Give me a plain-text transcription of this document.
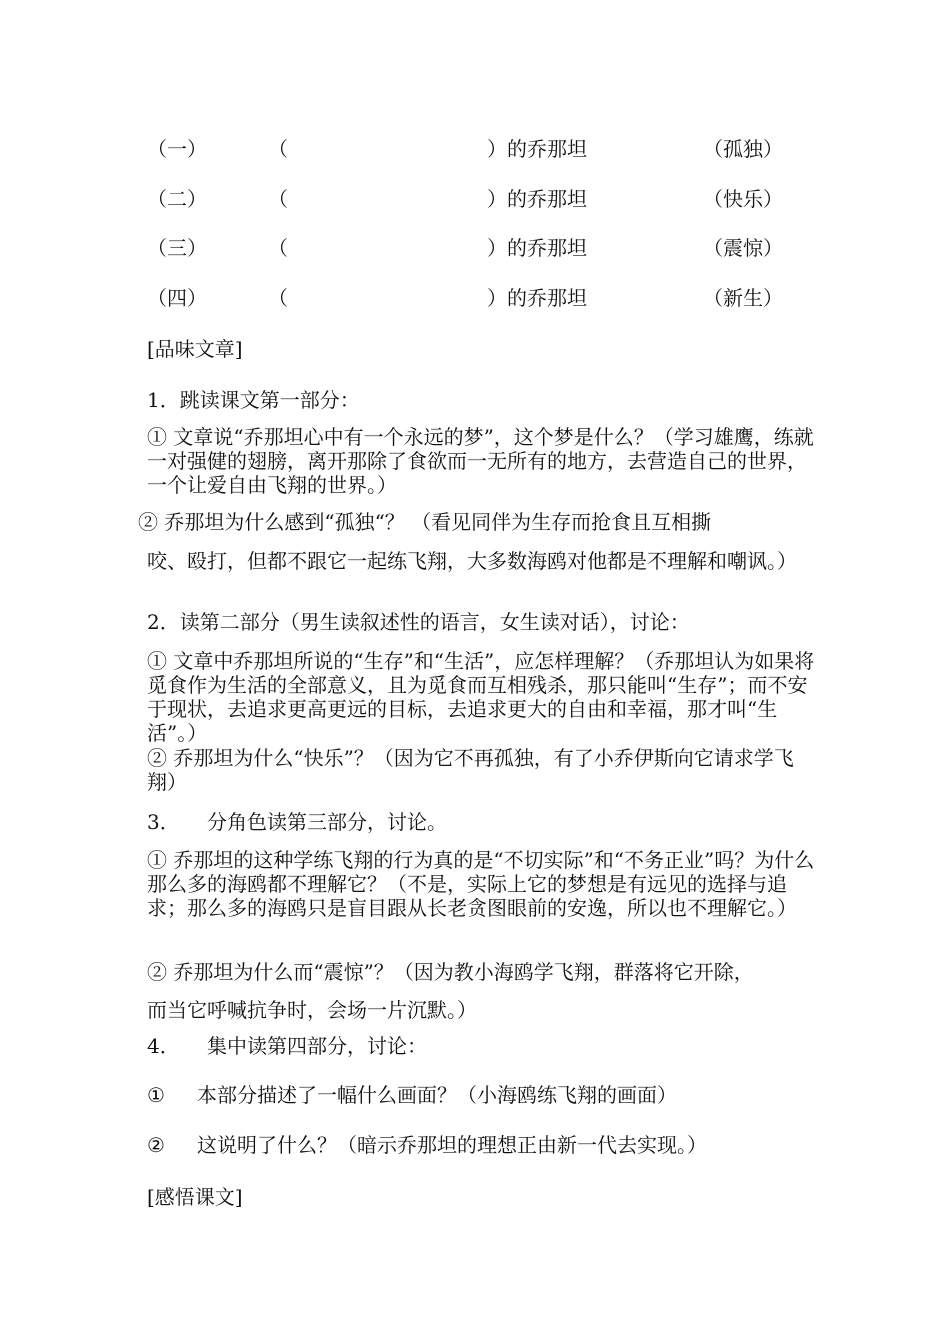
（一）	（	）的乔那坦	（孤独）
（二）	（	）的乔那坦	（快乐）
（三）	（	）的乔那坦	（震惊）
（四）	（	）的乔那坦	（新生）
[品味文章]
1．跳读课文第一部分：
① 文章说“乔那坦心中有一个永远的梦”，这个梦是什么？（学习雄鹰，练就一对强健的翅膀，离开那除了食欲而一无所有的地方，去营造自己的世界，一个让爱自由飞翔的世界。）
② 乔那坦为什么感到“孤独“？ （看见同伴为生存而抢食且互相撕
咬、殴打，但都不跟它一起练飞翔，大多数海鸥对他都是不理解和嘲讽。）
2．读第二部分（男生读叙述性的语言，女生读对话），讨论：
① 文章中乔那坦所说的“生存”和“生活”，应怎样理解？（乔那坦认为如果将觅食作为生活的全部意义，且为觅食而互相残杀，那只能叫“生存”；而不安于现状，去追求更高更远的目标，去追求更大的自由和幸福，那才叫“生活”。）
② 乔那坦为什么“快乐”？（因为它不再孤独，有了小乔伊斯向它请求学飞翔）
3． 分角色读第三部分，讨论。
① 乔那坦的这种学练飞翔的行为真的是“不切实际”和“不务正业”吗？为什么那么多的海鸥都不理解它？（不是，实际上它的梦想是有远见的选择与追求；那么多的海鸥只是盲目跟从长老贪图眼前的安逸，所以也不理解它。）
② 乔那坦为什么而“震惊”？（因为教小海鸥学飞翔，群落将它开除，
而当它呼喊抗争时，会场一片沉默。）
4． 集中读第四部分，讨论：
① 本部分描述了一幅什么画面？（小海鸥练飞翔的画面）
② 这说明了什么？（暗示乔那坦的理想正由新一代去实现。）
[感悟课文]
